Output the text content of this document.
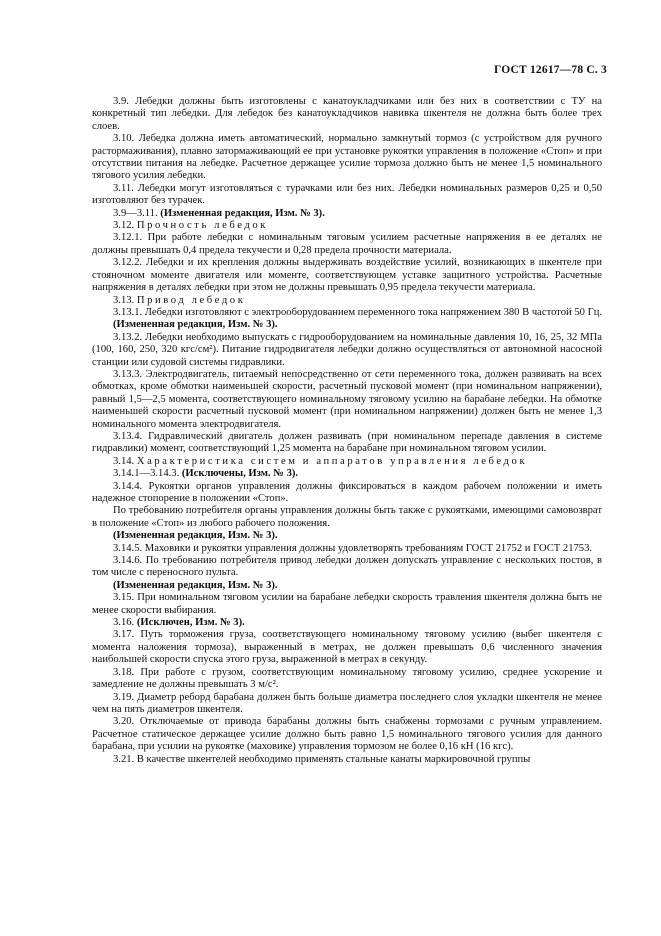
ГОСТ 12617—78 С. 3

3.9. Лебедки должны быть изготовлены с канатоукладчиками или без них в соответствии с ТУ на конкретный тип лебедки. Для лебедок без канатоукладчиков навивка шкентеля не должна быть более трех слоев.

3.10. Лебедка должна иметь автоматический, нормально замкнутый тормоз (с устройством для ручного растормаживания), плавно затормаживающий ее при установке рукоятки управления в положение «Стоп» и при отсутствии питания на лебедке. Расчетное держащее усилие тормоза должно быть не менее 1,5 номинального тягового усилия лебедки.

3.11. Лебедки могут изготовляться с турачками или без них. Лебедки номинальных размеров 0,25 и 0,50 изготовляют без турачек.

3.9—3.11. (Измененная редакция, Изм. № 3).

3.12. Прочность лебедок

3.12.1. При работе лебедки с номинальным тяговым усилием расчетные напряжения в ее деталях не должны превышать 0,4 предела текучести и 0,28 предела прочности материала.

3.12.2. Лебедки и их крепления должны выдерживать воздействие усилий, возникающих в шкентеле при стояночном моменте двигателя или моменте, соответствующем уставке защитного устройства. Расчетные напряжения в деталях лебедки при этом не должны превышать 0,95 предела текучести материала.

3.13. Привод лебедок

3.13.1. Лебедки изготовляют с электрооборудованием переменного тока напряжением 380 В частотой 50 Гц.

(Измененная редакция, Изм. № 3).

3.13.2. Лебедки необходимо выпускать с гидрооборудованием на номинальные давления 10, 16, 25, 32 МПа (100, 160, 250, 320 кгс/см²). Питание гидродвигателя лебедки должно осуществляться от автономной насосной станции или судовой системы гидравлики.

3.13.3. Электродвигатель, питаемый непосредственно от сети переменного тока, должен развивать на всех обмотках, кроме обмотки наименьшей скорости, расчетный пусковой момент (при номинальном напряжении), равный 1,5—2,5 момента, соответствующего номинальному тяговому усилию на барабане лебедки. На обмотке наименьшей скорости расчетный пусковой момент (при номинальном напряжении) должен быть не менее 1,3 номинального момента электродвигателя.

3.13.4. Гидравлический двигатель должен развивать (при номинальном перепаде давления в системе гидравлики) момент, соответствующий 1,25 момента на барабане при номинальном тяговом усилии.

3.14. Характеристика систем и аппаратов управления лебедок

3.14.1—3.14.3. (Исключены, Изм. № 3).

3.14.4. Рукоятки органов управления должны фиксироваться в каждом рабочем положении и иметь надежное стопорение в положении «Стоп».

По требованию потребителя органы управления должны быть также с рукоятками, имеющими самовозврат в положение «Стоп» из любого рабочего положения.

(Измененная редакция, Изм. № 3).

3.14.5. Маховики и рукоятки управления должны удовлетворять требованиям ГОСТ 21752 и ГОСТ 21753.

3.14.6. По требованию потребителя привод лебедки должен допускать управление с нескольких постов, в том числе с переносного пульта.

(Измененная редакция, Изм. № 3).

3.15. При номинальном тяговом усилии на барабане лебедки скорость травления шкентеля должна быть не менее скорости выбирания.

3.16. (Исключен, Изм. № 3).

3.17. Путь торможения груза, соответствующего номинальному тяговому усилию (выбег шкентеля с момента наложения тормоза), выраженный в метрах, не должен превышать 0,6 численного значения наибольшей скорости спуска этого груза, выраженной в метрах в секунду.

3.18. При работе с грузом, соответствующим номинальному тяговому усилию, среднее ускорение и замедление не должны превышать 3 м/с².

3.19. Диаметр реборд барабана должен быть больше диаметра последнего слоя укладки шкентеля не менее чем на пять диаметров шкентеля.

3.20. Отключаемые от привода барабаны должны быть снабжены тормозами с ручным управлением. Расчетное статическое держащее усилие должно быть равно 1,5 номинального тягового усилия для данного барабана, при усилии на рукоятке (маховике) управления тормозом не более 0,16 кН (16 кгс).

3.21. В качестве шкентелей необходимо применять стальные канаты маркировочной группы
